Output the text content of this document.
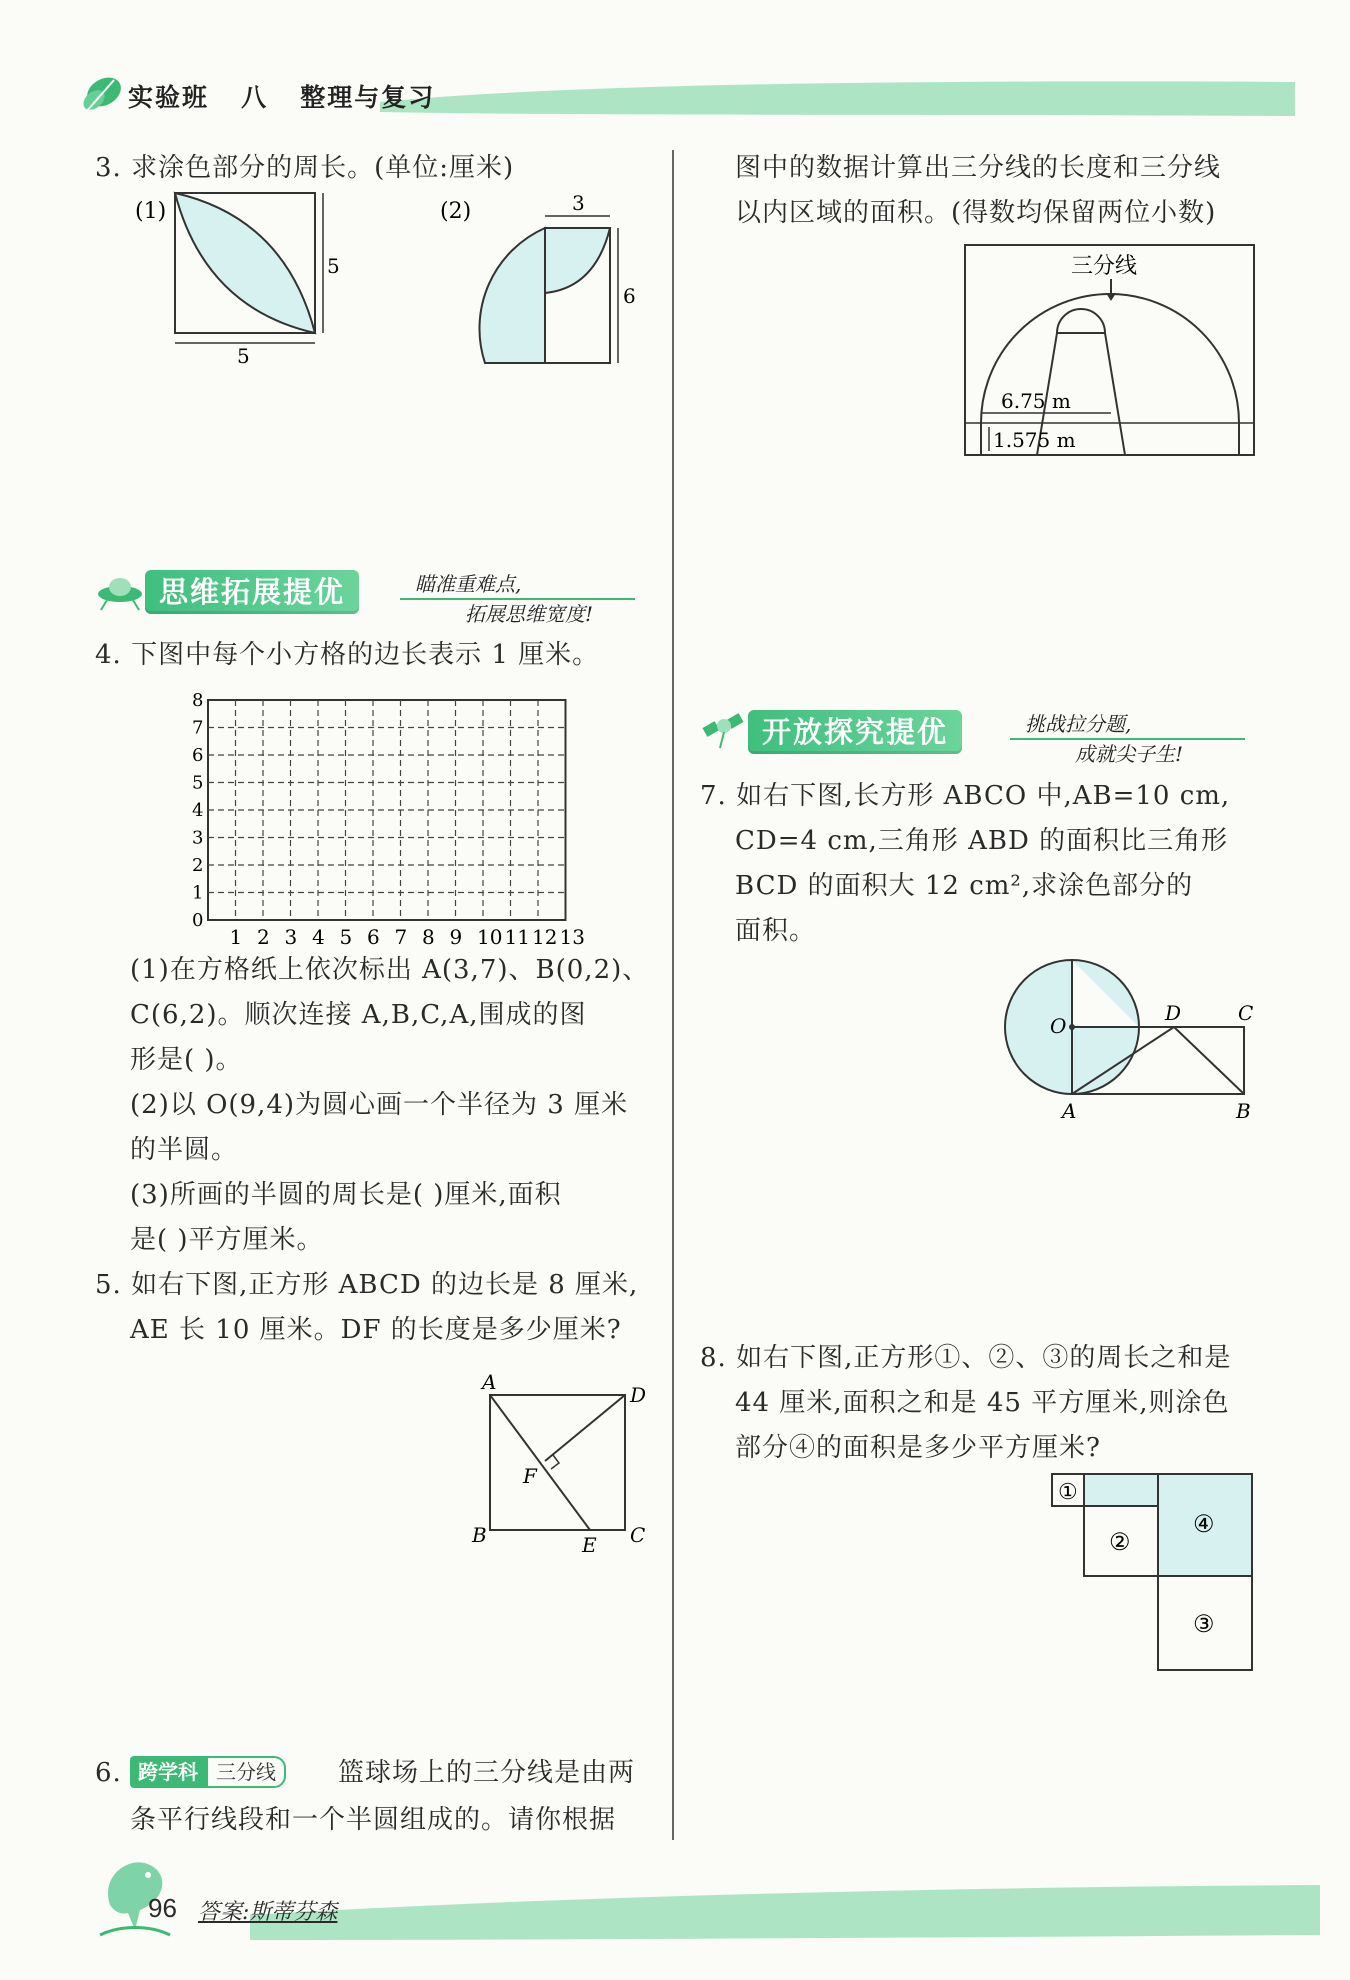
实验班 八 整理与复习
3. 求涂色部分的周长。(单位:厘米)
(1)
5
5
(2)	3
6
思维拓展提优	瞄准重难点,
拓展思维宽度!
4. 下图中每个小方格的边长表示 1 厘米。
0
1
2
3
4
5
6
7
8
1 2 3 4 5 6 7 8 9 10 11 12 13
(1)在方格纸上依次标出 A(3,7)、B(0,2)、
C(6,2)。顺次连接 A,B,C,A,围成的图
形是( )。
(2)以 O(9,4)为圆心画一个半径为 3 厘米
的半圆。
(3)所画的半圆的周长是( )厘米,面积
是( )平方厘米。
5. 如右下图,正方形 ABCD 的边长是 8 厘米,
AE 长 10 厘米。DF 的长度是多少厘米?
A
D
B	C
E
F
6. 跨学科 三分线	篮球场上的三分线是由两
条平行线段和一个半圆组成的。请你根据
图中的数据计算出三分线的长度和三分线
以内区域的面积。(得数均保留两位小数)
三分线
6.75 m
1.575 m
开放探究提优	挑战拉分题,
成就尖子生!
7. 如右下图,长方形 ABCO 中,AB=10 cm,
CD=4 cm,三角形 ABD 的面积比三角形
BCD 的面积大 12 cm²,求涂色部分的
面积。
O
D	C
A	B
8. 如右下图,正方形①、②、③的周长之和是
44 厘米,面积之和是 45 平方厘米,则涂色
部分④的面积是多少平方厘米?
①
②
④
③
96 答案:斯蒂芬森
